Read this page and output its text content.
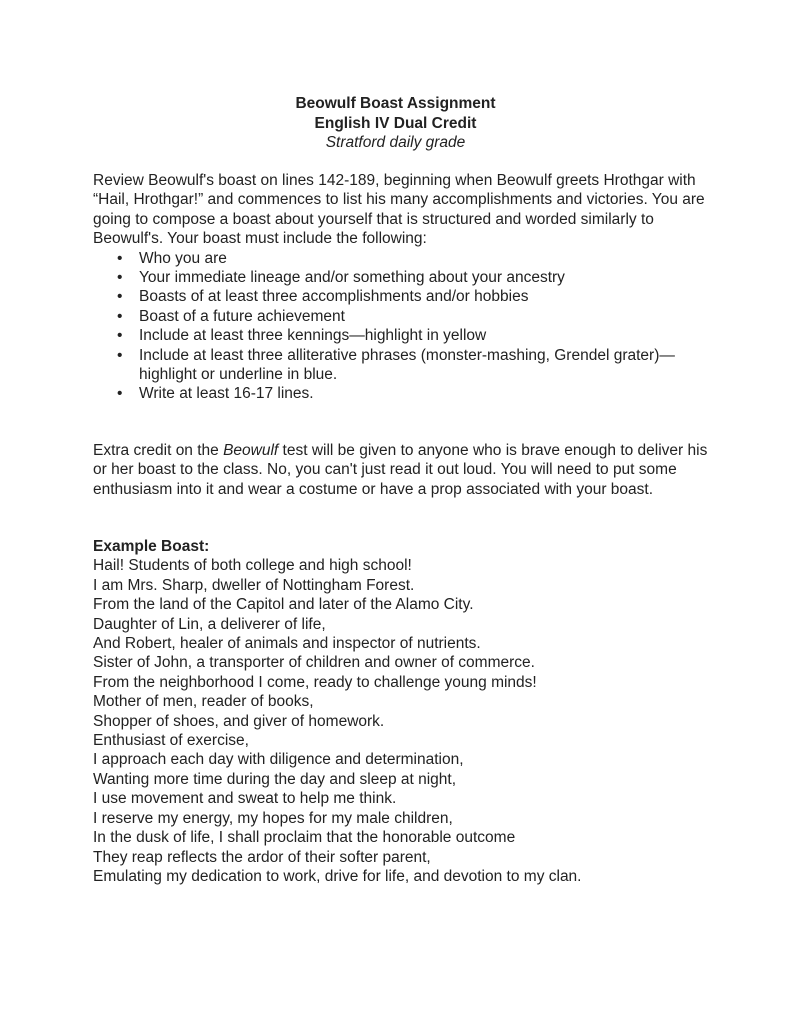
Beowulf Boast Assignment
English IV Dual Credit
Stratford daily grade

Review Beowulf's boast on lines 142-189, beginning when Beowulf greets Hrothgar with “Hail, Hrothgar!” and commences to list his many accomplishments and victories. You are going to compose a boast about yourself that is structured and worded similarly to Beowulf's. Your boast must include the following:

• Who you are
• Your immediate lineage and/or something about your ancestry
• Boasts of at least three accomplishments and/or hobbies
• Boast of a future achievement
• Include at least three kennings—highlight in yellow
• Include at least three alliterative phrases (monster-mashing, Grendel grater)—highlight or underline in blue.
• Write at least 16-17 lines.

Extra credit on the Beowulf test will be given to anyone who is brave enough to deliver his or her boast to the class. No, you can't just read it out loud. You will need to put some enthusiasm into it and wear a costume or have a prop associated with your boast.

Example Boast:
Hail! Students of both college and high school!
I am Mrs. Sharp, dweller of Nottingham Forest.
From the land of the Capitol and later of the Alamo City.
Daughter of Lin, a deliverer of life,
And Robert, healer of animals and inspector of nutrients.
Sister of John, a transporter of children and owner of commerce.
From the neighborhood I come, ready to challenge young minds!
Mother of men, reader of books,
Shopper of shoes, and giver of homework.
Enthusiast of exercise,
I approach each day with diligence and determination,
Wanting more time during the day and sleep at night,
I use movement and sweat to help me think.
I reserve my energy, my hopes for my male children,
In the dusk of life, I shall proclaim that the honorable outcome
They reap reflects the ardor of their softer parent,
Emulating my dedication to work, drive for life, and devotion to my clan.
